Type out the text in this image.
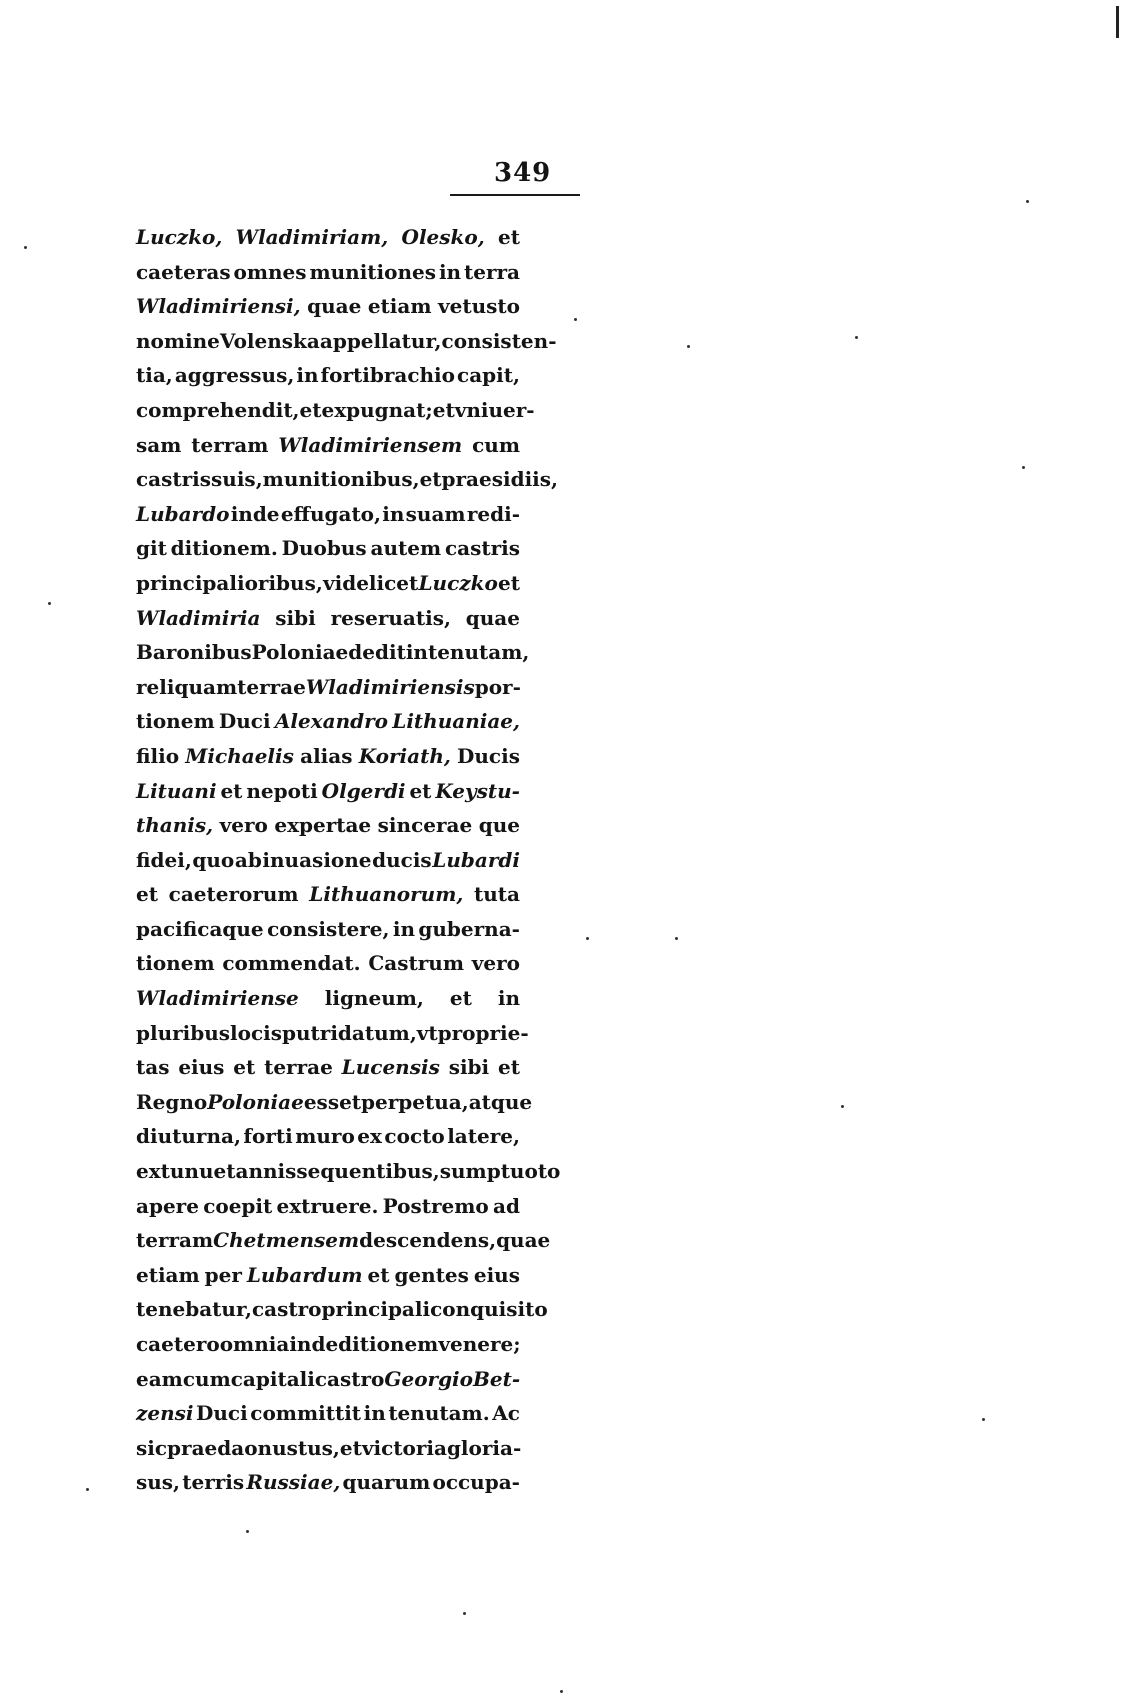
349
Luczko, Wladimiriam, Olesko, et
caeteras omnes munitiones in terra
Wladimiriensi, quae etiam vetusto
nomine Volenska appellatur, consisten-
tia, aggressus, in fortibrachio capit,
comprehendit, et expugnat; et vniuer-
sam terram Wladimiriensem cum
castris suis, munitionibus, et praesidiis,
Lubardo inde effugato, in suam redi-
git ditionem. Duobus autem castris
principalioribus, videlicet Luczko et
Wladimiria sibi reseruatis, quae
Baronibus Poloniae dedit in tenutam,
reliquam terrae Wladimiriensis por-
tionem Duci Alexandro Lithuaniae,
filio Michaelis alias Koriath, Ducis
Lituani et nepoti Olgerdi et Keystu-
thanis, vero expertae sincerae que
fidei, quo ab inuasione ducis Lubardi
et caeterorum Lithuanorum, tuta
pacificaque consistere, in guberna-
tionem commendat. Castrum vero
Wladimiriense ligneum, et in
pluribus locis putridatum, vt proprie-
tas eius et terrae Lucensis sibi et
Regno Poloniae esset perpetua, atque
diuturna, forti muro ex cocto latere,
extunu et annis sequentibus, sumptuoto
apere coepit extruere. Postremo ad
terram Chetmensem descendens, quae
etiam per Lubardum et gentes eius
tenebatur, castro principali conquisito
caetero omnia in deditionem venere;
eam cum capitali castro Georgio Bet-
zensi Duci committit in tenutam. Ac
sic praeda onustus, et victoria gloria-
sus, terris Russiae, quarum occupa-
